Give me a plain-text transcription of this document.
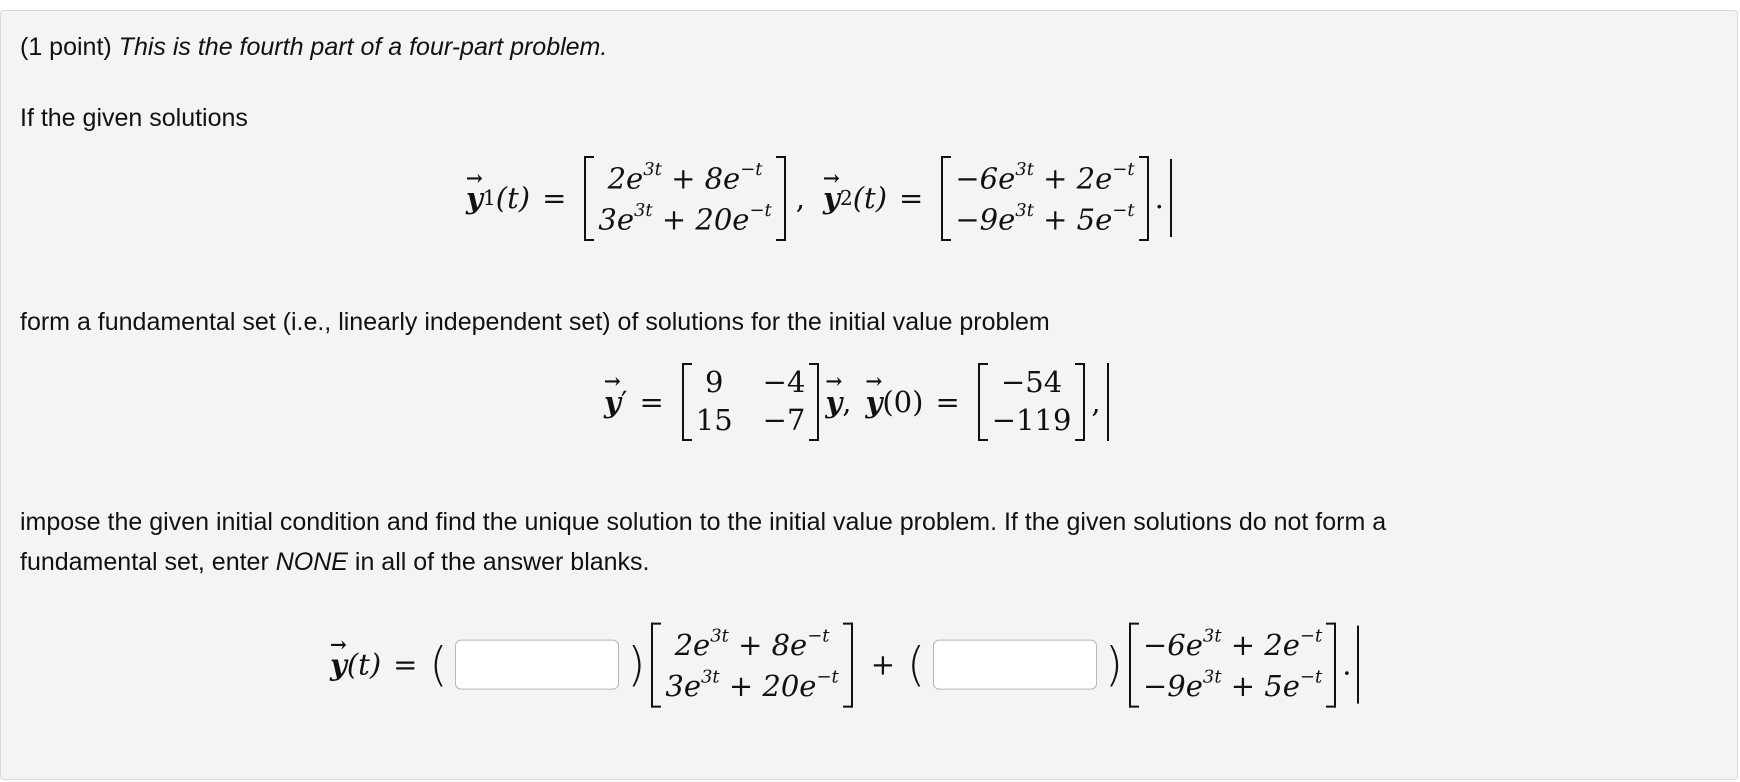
(1 point) This is the fourth part of a four-part problem.

If the given solutions

→ y 1 (t) =
$2e^{3t} + 8e^{-t}$
$3e^{3t} + 20e^{-t}$ , → y 2 (t) =
$-6e^{3t} + 2e^{-t}$
$-9e^{3t} + 5e^{-t}$ .

form a fundamental set (i.e., linearly independent set) of solutions for the initial value problem

→ y ′ =
9 −4
15 −7
→ y , → y (0) =
−54
−119
,

impose the given initial condition and find the unique solution to the initial value problem. If the given solutions do not form a
fundamental set, enter NONE in all of the answer blanks.

→ y (t) = (	) $2e^{3t} + 8e^{-t}$
$3e^{3t} + 20e^{-t}$ + (	) $-6e^{3t} + 2e^{-t}$
$-9e^{3t} + 5e^{-t}$ .
